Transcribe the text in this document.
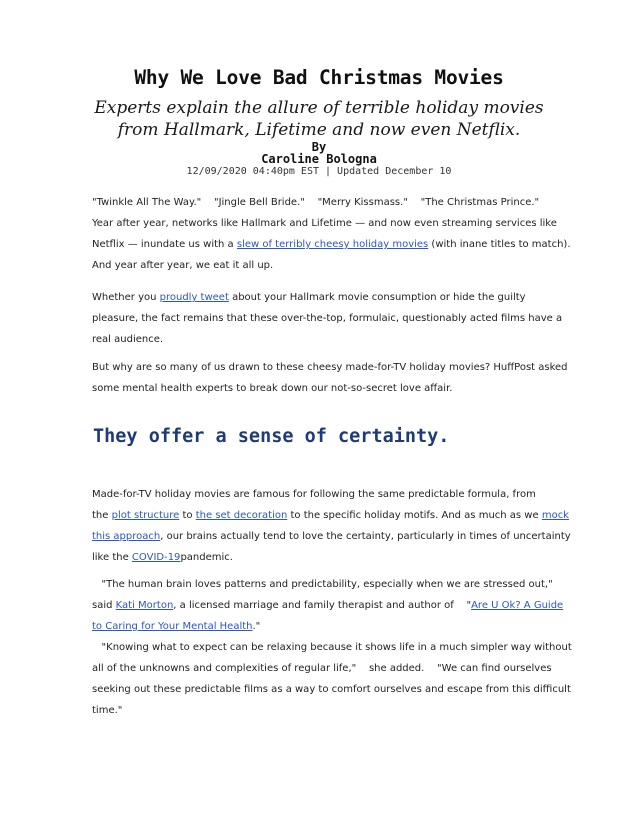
Why We Love Bad Christmas Movies
Experts explain the allure of terrible holiday movies from Hallmark, Lifetime and now even Netflix.
By
Caroline Bologna
12/09/2020 04:40pm EST | Updated December 10
"Twinkle All The Way."    "Jingle Bell Bride."    "Merry Kissmass."    "The Christmas Prince."
Year after year, networks like Hallmark and Lifetime — and now even streaming services like
Netflix — inundate us with a slew of terribly cheesy holiday movies (with inane titles to match).
And year after year, we eat it all up.
Whether you proudly tweet about your Hallmark movie consumption or hide the guilty
pleasure, the fact remains that these over-the-top, formulaic, questionably acted films have a
real audience.
But why are so many of us drawn to these cheesy made-for-TV holiday movies? HuffPost asked
some mental health experts to break down our not-so-secret love affair.
They offer a sense of certainty.
Made-for-TV holiday movies are famous for following the same predictable formula, from
the plot structure to the set decoration to the specific holiday motifs. And as much as we mock
this approach, our brains actually tend to love the certainty, particularly in times of uncertainty
like the COVID-19pandemic.
"The human brain loves patterns and predictability, especially when we are stressed out,"
said Kati Morton, a licensed marriage and family therapist and author of    "Are U Ok? A Guide
to Caring for Your Mental Health."
"Knowing what to expect can be relaxing because it shows life in a much simpler way without
all of the unknowns and complexities of regular life,"    she added.    "We can find ourselves
seeking out these predictable films as a way to comfort ourselves and escape from this difficult
time."
